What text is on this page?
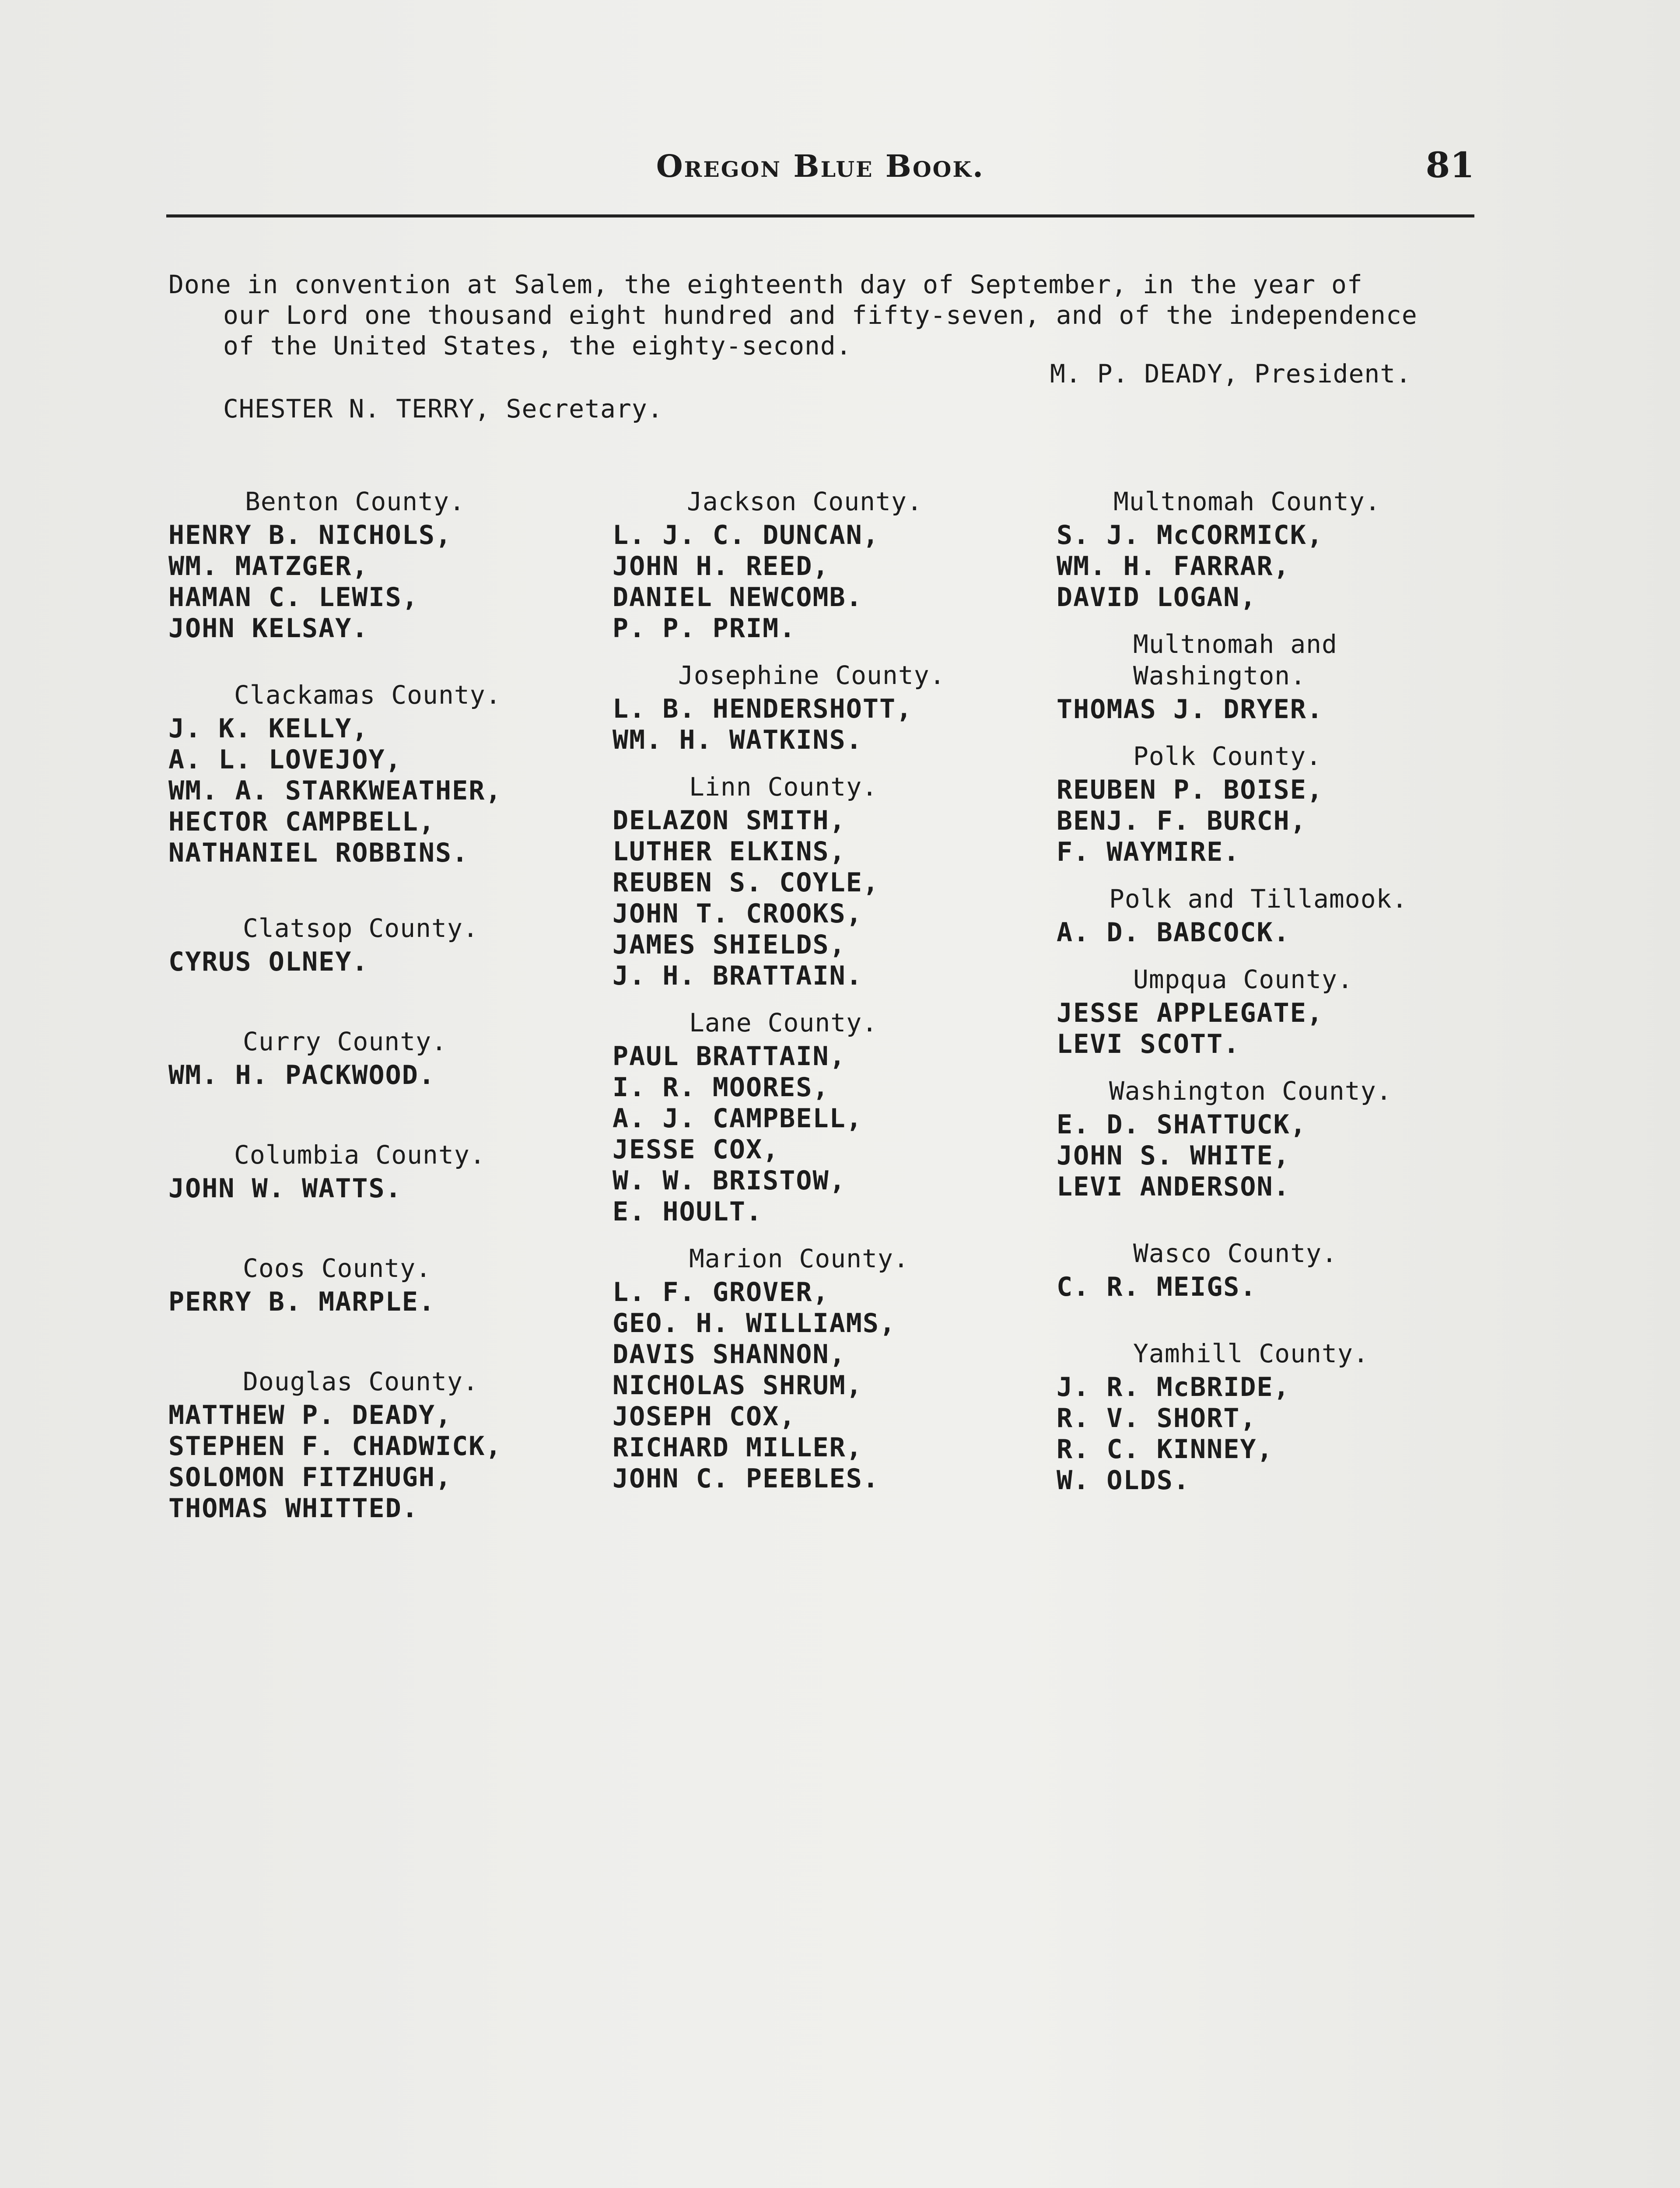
Oregon Blue Book.	81
Done in convention at Salem, the eighteenth day of September, in the year of
our Lord one thousand eight hundred and fifty-seven, and of the independence
of the United States, the eighty-second.
M. P. DEADY, President.
CHESTER N. TERRY, Secretary.
Benton County.
HENRY B. NICHOLS,
WM. MATZGER,
HAMAN C. LEWIS,
JOHN KELSAY.
Clackamas County.
J. K. KELLY,
A. L. LOVEJOY,
WM. A. STARKWEATHER,
HECTOR CAMPBELL,
NATHANIEL ROBBINS.
Clatsop County.
CYRUS OLNEY.
Curry County.
WM. H. PACKWOOD.
Columbia County.
JOHN W. WATTS.
Coos County.
PERRY B. MARPLE.
Douglas County.
MATTHEW P. DEADY,
STEPHEN F. CHADWICK,
SOLOMON FITZHUGH,
THOMAS WHITTED.
Jackson County.
L. J. C. DUNCAN,
JOHN H. REED,
DANIEL NEWCOMB.
P. P. PRIM.
Josephine County.
L. B. HENDERSHOTT,
WM. H. WATKINS.
Linn County.
DELAZON SMITH,
LUTHER ELKINS,
REUBEN S. COYLE,
JOHN T. CROOKS,
JAMES SHIELDS,
J. H. BRATTAIN.
Lane County.
PAUL BRATTAIN,
I. R. MOORES,
A. J. CAMPBELL,
JESSE COX,
W. W. BRISTOW,
E. HOULT.
Marion County.
L. F. GROVER,
GEO. H. WILLIAMS,
DAVIS SHANNON,
NICHOLAS SHRUM,
JOSEPH COX,
RICHARD MILLER,
JOHN C. PEEBLES.
Multnomah County.
S. J. McCORMICK,
WM. H. FARRAR,
DAVID LOGAN,
Multnomah and Washington.
THOMAS J. DRYER.
Polk County.
REUBEN P. BOISE,
BENJ. F. BURCH,
F. WAYMIRE.
Polk and Tillamook.
A. D. BABCOCK.
Umpqua County.
JESSE APPLEGATE,
LEVI SCOTT.
Washington County.
E. D. SHATTUCK,
JOHN S. WHITE,
LEVI ANDERSON.
Wasco County.
C. R. MEIGS.
Yamhill County.
J. R. McBRIDE,
R. V. SHORT,
R. C. KINNEY,
W. OLDS.
